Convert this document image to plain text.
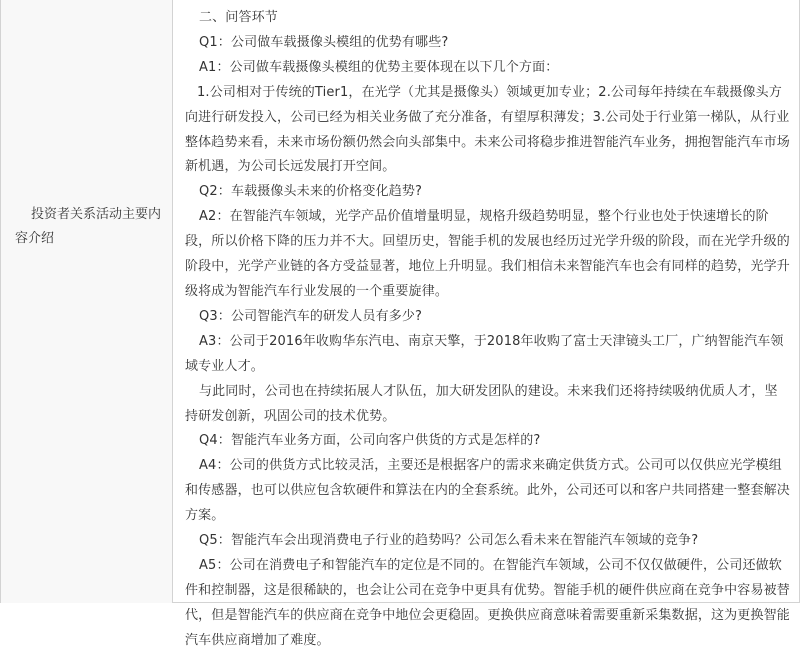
投资者关系活动主要内容介绍

二、问答环节

Q1：公司做车载摄像头模组的优势有哪些?

A1：公司做车载摄像头模组的优势主要体现在以下几个方面：

1.公司相对于传统的Tier1，在光学（尤其是摄像头）领域更加专业；2.公司每年持续在车载摄像头方向进行研发投入，公司已经为相关业务做了充分准备，有望厚积薄发；3.公司处于行业第一梯队，从行业整体趋势来看，未来市场份额仍然会向头部集中。未来公司将稳步推进智能汽车业务，拥抱智能汽车市场新机遇，为公司长远发展打开空间。

Q2：车载摄像头未来的价格变化趋势?

A2：在智能汽车领域，光学产品价值增量明显，规格升级趋势明显，整个行业也处于快速增长的阶段，所以价格下降的压力并不大。回望历史，智能手机的发展也经历过光学升级的阶段，而在光学升级的阶段中，光学产业链的各方受益显著，地位上升明显。我们相信未来智能汽车也会有同样的趋势，光学升级将成为智能汽车行业发展的一个重要旋律。

Q3：公司智能汽车的研发人员有多少?

A3：公司于2016年收购华东汽电、南京天擎，于2018年收购了富士天津镜头工厂，广纳智能汽车领域专业人才。

与此同时，公司也在持续拓展人才队伍，加大研发团队的建设。未来我们还将持续吸纳优质人才，坚持研发创新，巩固公司的技术优势。

Q4：智能汽车业务方面，公司向客户供货的方式是怎样的?

A4：公司的供货方式比较灵活，主要还是根据客户的需求来确定供货方式。公司可以仅供应光学模组和传感器，也可以供应包含软硬件和算法在内的全套系统。此外，公司还可以和客户共同搭建一整套解决方案。

Q5：智能汽车会出现消费电子行业的趋势吗？公司怎么看未来在智能汽车领域的竞争?

A5：公司在消费电子和智能汽车的定位是不同的。在智能汽车领域，公司不仅仅做硬件，公司还做软件和控制器，这是很稀缺的，也会让公司在竞争中更具有优势。智能手机的硬件供应商在竞争中容易被替代，但是智能汽车的供应商在竞争中地位会更稳固。更换供应商意味着需要重新采集数据，这为更换智能汽车供应商增加了难度。
